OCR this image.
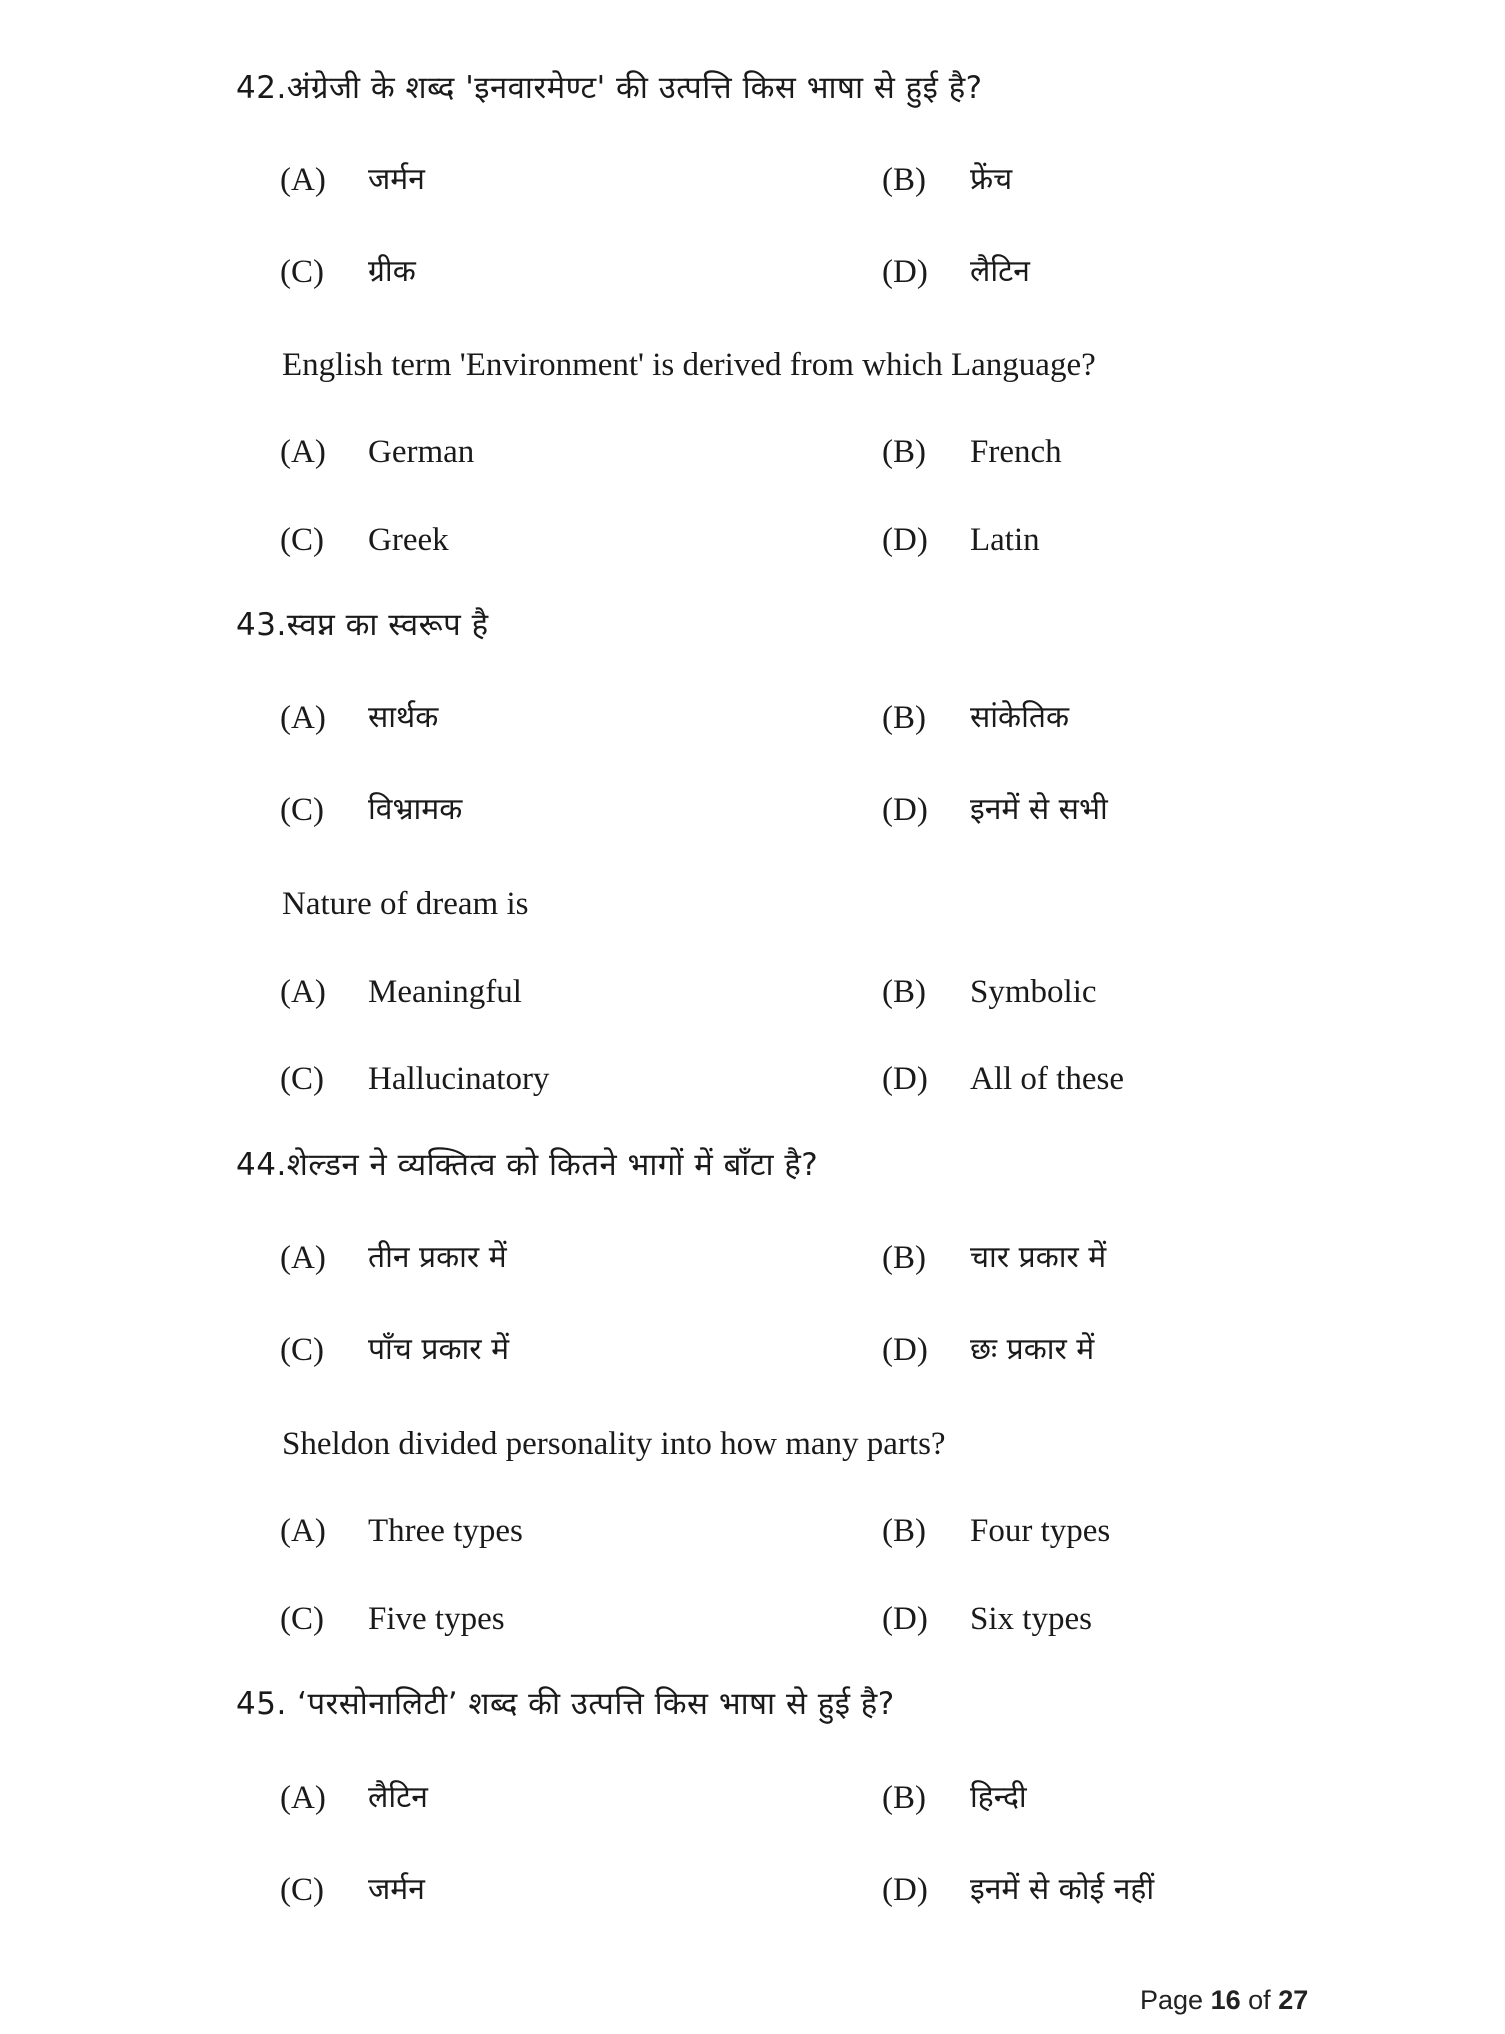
42.अंग्रेजी के शब्द 'इनवारमेण्ट' की उत्पत्ति किस भाषा से हुई है?
(A) जर्मन	(B) फ्रेंच
(C) ग्रीक	(D) लैटिन
English term 'Environment' is derived from which Language?
(A) German	(B) French
(C) Greek	(D) Latin
43.स्वप्न का स्वरूप है
(A) सार्थक	(B) सांकेतिक
(C) विभ्रामक	(D) इनमें से सभी
Nature of dream is
(A) Meaningful	(B) Symbolic
(C) Hallucinatory	(D) All of these
44.शेल्डन ने व्यक्तित्व को कितने भागों में बाँटा है?
(A) तीन प्रकार में	(B) चार प्रकार में
(C) पाँच प्रकार में	(D) छः प्रकार में
Sheldon divided personality into how many parts?
(A) Three types	(B) Four types
(C) Five types	(D) Six types
45. ‘परसोनालिटी’ शब्द की उत्पत्ति किस भाषा से हुई है?
(A) लैटिन	(B) हिन्दी
(C) जर्मन	(D) इनमें से कोई नहीं
Page 16 of 27
